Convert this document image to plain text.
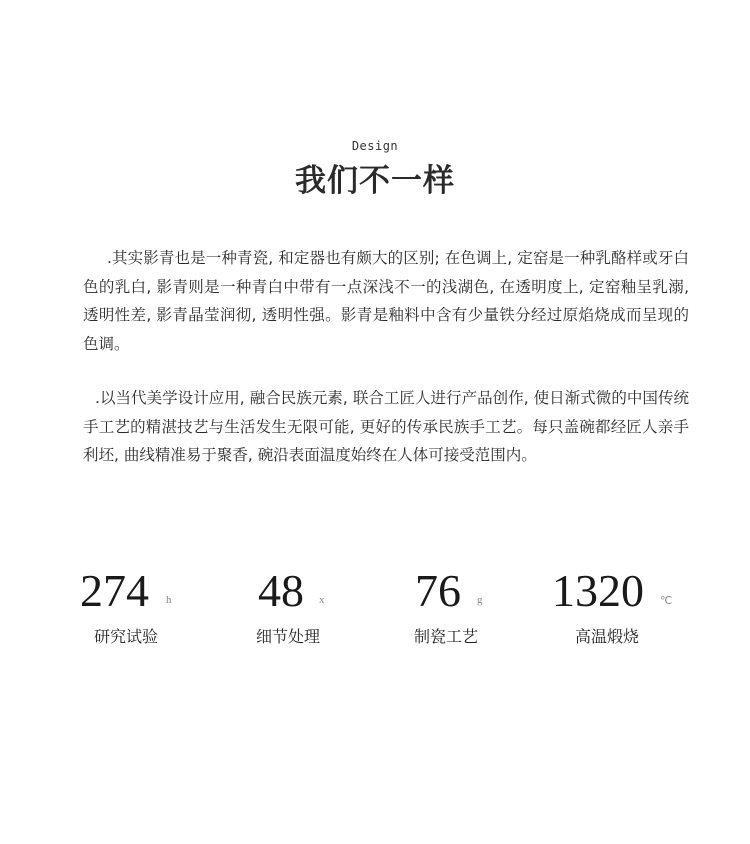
Design
我们不一样

.其实影青也是一种青瓷, 和定器也有颇大的区别; 在色调上, 定窑是一种乳酪样或牙白色的乳白, 影青则是一种青白中带有一点深浅不一的浅湖色, 在透明度上, 定窑釉呈乳溺, 透明性差, 影青晶莹润彻, 透明性强。影青是釉料中含有少量铁分经过原焰烧成而呈现的色调。

.以当代美学设计应用, 融合民族元素, 联合工匠人进行产品创作, 使日渐式微的中国传统手工艺的精湛技艺与生活发生无限可能, 更好的传承民族手工艺。每只盖碗都经匠人亲手利坯, 曲线精准易于聚香, 碗沿表面温度始终在人体可接受范围内。

274 h
研究试验
48 x
细节处理
76 g
制瓷工艺
1320 ℃
高温煅烧
